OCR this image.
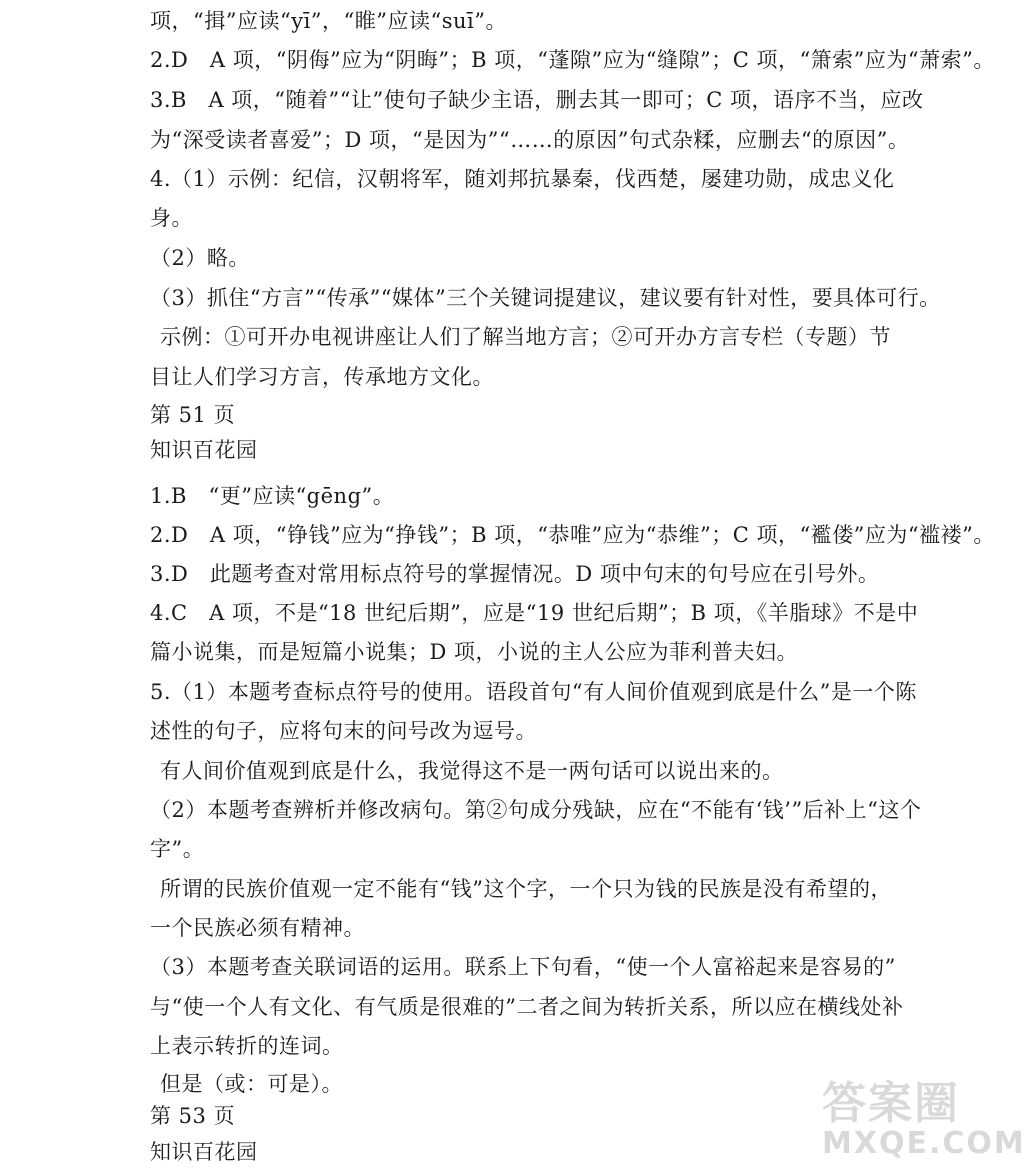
项，“揖”应读“yī”，“睢”应读“suī”。
2.D　A 项，“阴侮”应为“阴晦”；B 项，“蓬隙”应为“缝隙”；C 项，“箫索”应为“萧索”。
3.B　A 项，“随着”“让”使句子缺少主语，删去其一即可；C 项，语序不当，应改
为“深受读者喜爱”；D 项，“是因为”“……的原因”句式杂糅，应删去“的原因”。
4.（1）示例：纪信，汉朝将军，随刘邦抗暴秦，伐西楚，屡建功勋，成忠义化
身。
（2）略。
（3）抓住“方言”“传承”“媒体”三个关键词提建议，建议要有针对性，要具体可行。
示例：①可开办电视讲座让人们了解当地方言；②可开办方言专栏（专题）节
目让人们学习方言，传承地方文化。
第 51 页
知识百花园
1.B　“更”应读“gēng”。
2.D　A 项，“铮钱”应为“挣钱”；B 项，“恭唯”应为“恭维”；C 项，“襤偻”应为“褴褛”。
3.D　此题考查对常用标点符号的掌握情况。D 项中句末的句号应在引号外。
4.C　A 项，不是“18 世纪后期”，应是“19 世纪后期”；B 项，《羊脂球》不是中
篇小说集，而是短篇小说集；D 项，小说的主人公应为菲利普夫妇。
5.（1）本题考查标点符号的使用。语段首句“有人间价值观到底是什么”是一个陈
述性的句子，应将句末的问号改为逗号。
有人间价值观到底是什么，我觉得这不是一两句话可以说出来的。
（2）本题考查辨析并修改病句。第②句成分残缺，应在“不能有‘钱’”后补上“这个
字”。
所谓的民族价值观一定不能有“钱”这个字，一个只为钱的民族是没有希望的，
一个民族必须有精神。
（3）本题考查关联词语的运用。联系上下句看，“使一个人富裕起来是容易的”
与“使一个人有文化、有气质是很难的”二者之间为转折关系，所以应在横线处补
上表示转折的连词。
但是（或：可是）。
第 53 页
知识百花园
答案圈
MXQE.COM
